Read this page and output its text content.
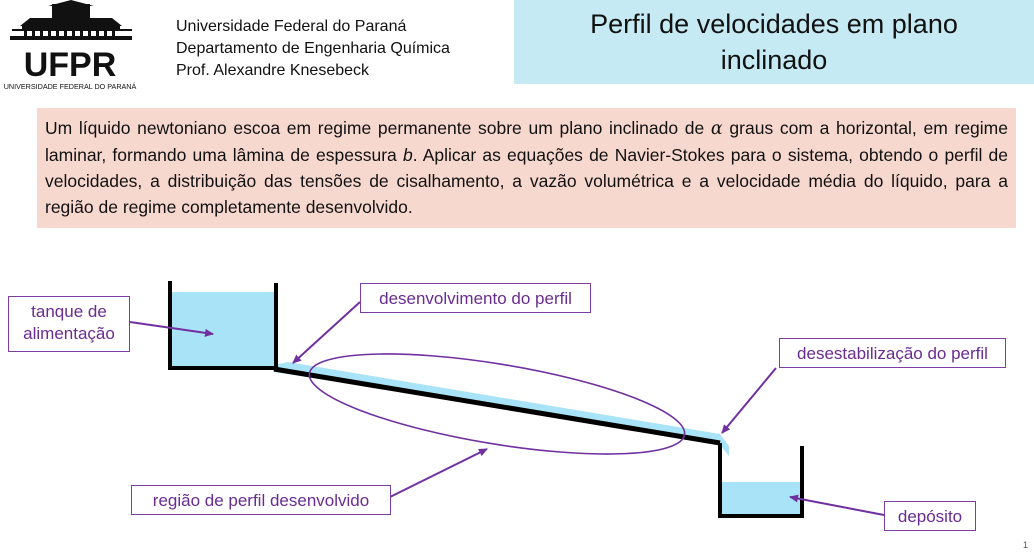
UFPR
UNIVERSIDADE FEDERAL DO PARANÁ
Universidade Federal do Paraná
Departamento de Engenharia Química
Prof. Alexandre Knesebeck
Perfil de velocidades em plano inclinado
Um líquido newtoniano escoa em regime permanente sobre um plano inclinado de α graus com a horizontal, em regime laminar, formando uma lâmina de espessura b. Aplicar as equações de Navier-Stokes para o sistema, obtendo o perfil de velocidades, a distribuição das tensões de cisalhamento, a vazão volumétrica e a velocidade média do líquido, para a região de regime completamente desenvolvido.
tanque de alimentação
desenvolvimento do perfil
desestabilização do perfil
região de perfil desenvolvido
depósito
1
